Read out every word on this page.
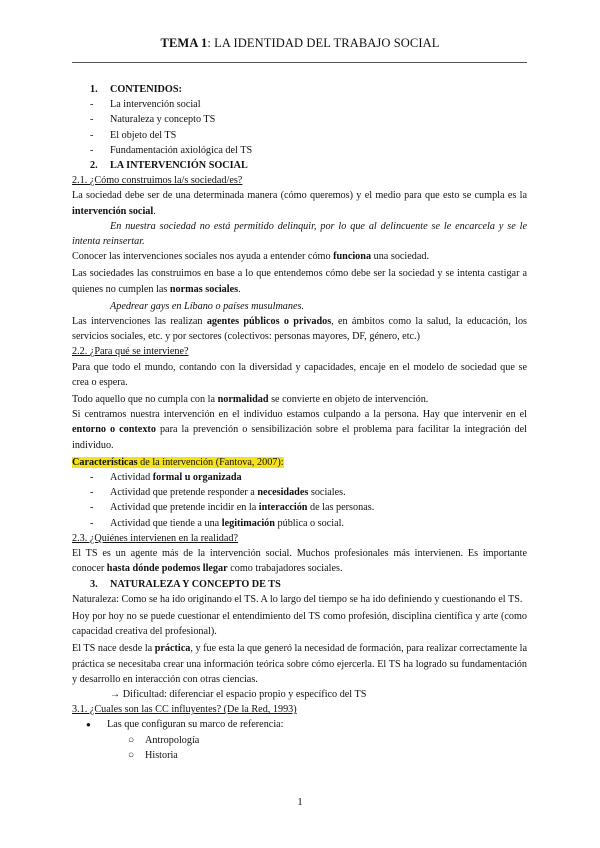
TEMA 1: LA IDENTIDAD DEL TRABAJO SOCIAL

1. CONTENIDOS:

- La intervención social

- Naturaleza y concepto TS

- El objeto del TS

- Fundamentación axiológica del TS

2. LA INTERVENCIÓN SOCIAL

2.1. ¿Cómo construimos la/s sociedad/es?

La sociedad debe ser de una determinada manera (cómo queremos) y el medio para que esto se cumpla es la intervención social.

En nuestra sociedad no está permitido delinquir, por lo que al delincuente se le encarcela y se le intenta reinsertar.

Conocer las intervenciones sociales nos ayuda a entender cómo funciona una sociedad.

Las sociedades las construimos en base a lo que entendemos cómo debe ser la sociedad y se intenta castigar a quienes no cumplen las normas sociales.

Apedrear gays en Líbano o países musulmanes.

Las intervenciones las realizan agentes públicos o privados, en ámbitos como la salud, la educación, los servicios sociales, etc. y por sectores (colectivos: personas mayores, DF, género, etc.)

2.2. ¿Para qué se interviene?

Para que todo el mundo, contando con la diversidad y capacidades, encaje en el modelo de sociedad que se crea o espera.

Todo aquello que no cumpla con la normalidad se convierte en objeto de intervención.

Si centramos nuestra intervención en el individuo estamos culpando a la persona. Hay que intervenir en el entorno o contexto para la prevención o sensibilización sobre el problema para facilitar la integración del individuo.

Características de la intervención (Fantova, 2007):

- Actividad formal u organizada

- Actividad que pretende responder a necesidades sociales.

- Actividad que pretende incidir en la interacción de las personas.

- Actividad que tiende a una legitimación pública o social.

2.3. ¿Quiénes intervienen en la realidad?

El TS es un agente más de la intervención social. Muchos profesionales más intervienen. Es importante conocer hasta dónde podemos llegar como trabajadores sociales.

3. NATURALEZA Y CONCEPTO DE TS

Naturaleza: Como se ha ido originando el TS. A lo largo del tiempo se ha ido definiendo y cuestionando el TS.

Hoy por hoy no se puede cuestionar el entendimiento del TS como profesión, disciplina científica y arte (como capacidad creativa del profesional).

El TS nace desde la práctica, y fue esta la que generó la necesidad de formación, para realizar correctamente la práctica se necesitaba crear una información teórica sobre cómo ejercerla. El TS ha logrado su fundamentación y desarrollo en interacción con otras ciencias.

→ Dificultad: diferenciar el espacio propio y específico del TS

3.1. ¿Cuales son las CC influyentes? (De la Red, 1993)

● Las que configuran su marco de referencia:

○ Antropología

○ Historia

1
